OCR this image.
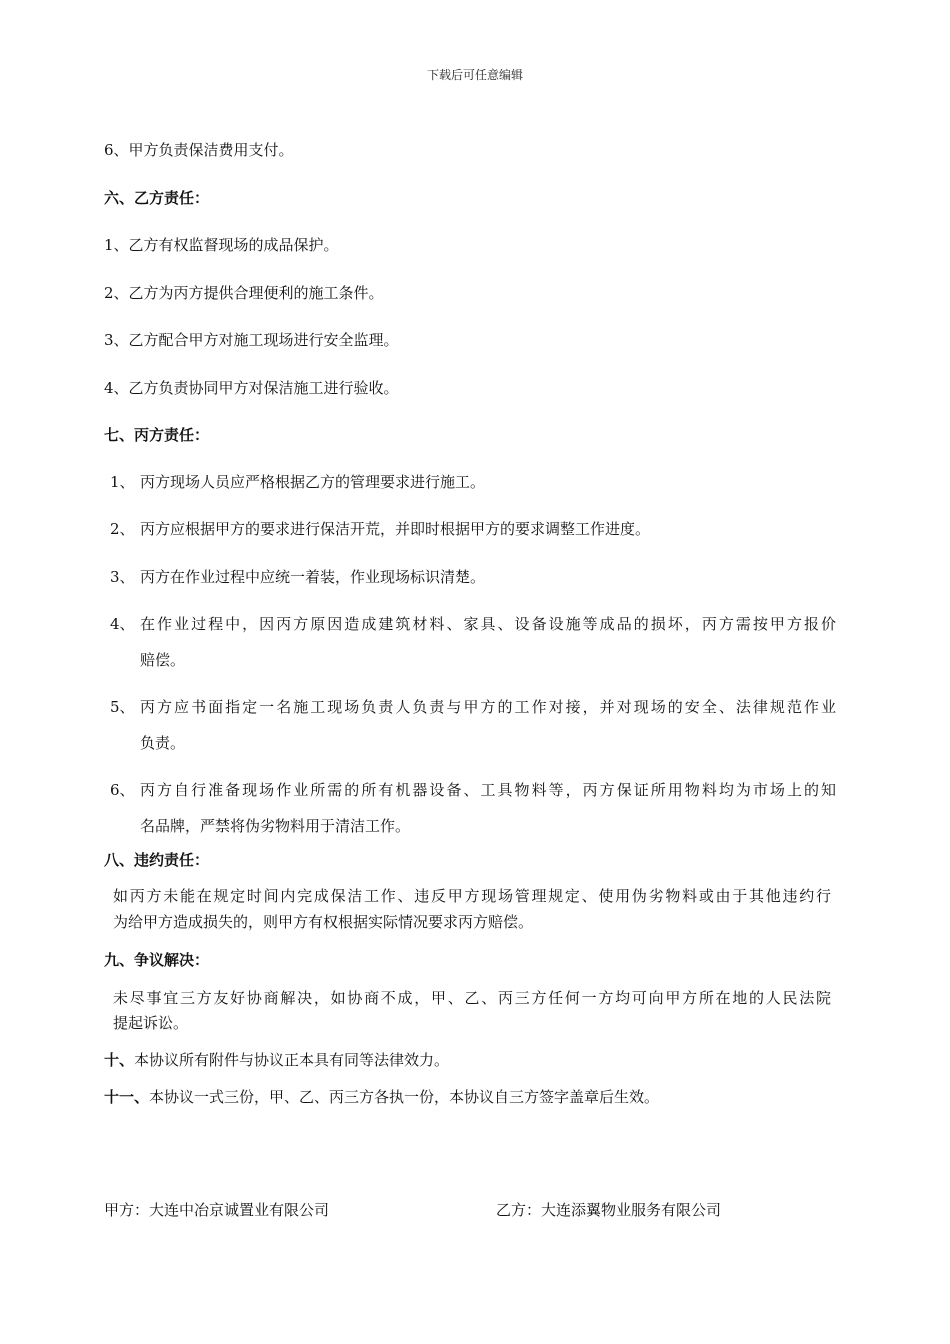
下载后可任意编辑
6、甲方负责保洁费用支付。
六、乙方责任：
1、乙方有权监督现场的成品保护。
2、乙方为丙方提供合理便利的施工条件。
3、乙方配合甲方对施工现场进行安全监理。
4、乙方负责协同甲方对保洁施工进行验收。
七、丙方责任：
1、 丙方现场人员应严格根据乙方的管理要求进行施工。
2、 丙方应根据甲方的要求进行保洁开荒，并即时根据甲方的要求调整工作进度。
3、 丙方在作业过程中应统一着装，作业现场标识清楚。
4、 在作业过程中，因丙方原因造成建筑材料、家具、设备设施等成品的损坏，丙方需按甲方报价
赔偿。
5、 丙方应书面指定一名施工现场负责人负责与甲方的工作对接，并对现场的安全、法律规范作业
负责。
6、 丙方自行准备现场作业所需的所有机器设备、工具物料等，丙方保证所用物料均为市场上的知
名品牌，严禁将伪劣物料用于清洁工作。
八、违约责任：
如丙方未能在规定时间内完成保洁工作、违反甲方现场管理规定、使用伪劣物料或由于其他违约行
为给甲方造成损失的，则甲方有权根据实际情况要求丙方赔偿。
九、争议解决：
未尽事宜三方友好协商解决，如协商不成，甲、乙、丙三方任何一方均可向甲方所在地的人民法院
提起诉讼。
十、本协议所有附件与协议正本具有同等法律效力。
十一、本协议一式三份，甲、乙、丙三方各执一份，本协议自三方签字盖章后生效。
甲方：大连中冶京诚置业有限公司	乙方：大连添翼物业服务有限公司
